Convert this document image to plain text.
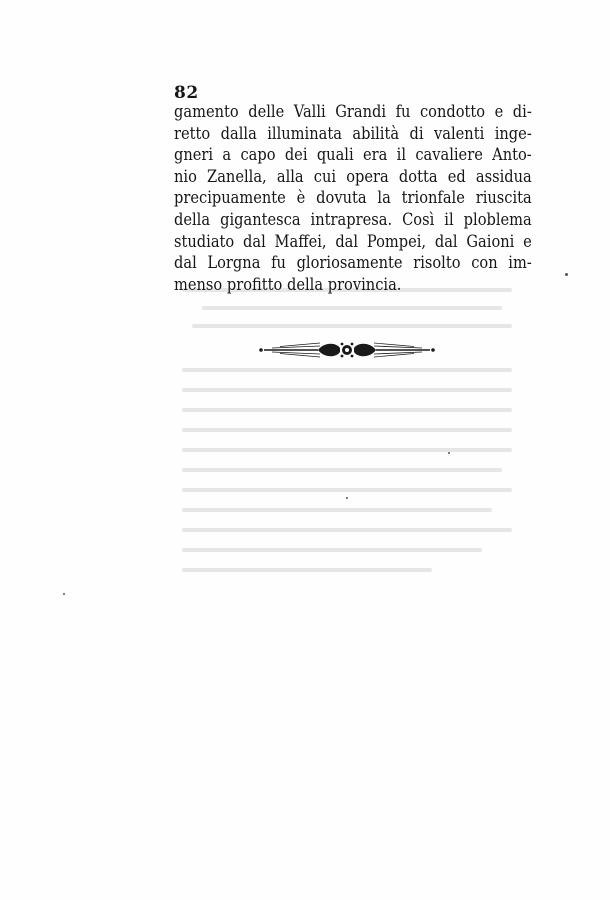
82
gamento delle Valli Grandi fu condotto e di-
retto dalla illuminata abilità di valenti inge-
gneri a capo dei quali era il cavaliere Anto-
nio Zanella, alla cui opera dotta ed assidua
precipuamente è dovuta la trionfale riuscita
della gigantesca intrapresa. Così il ploblema
studiato dal Maffei, dal Pompei, dal Gaioni e
dal Lorgna fu gloriosamente risolto con im-
menso profitto della provincia.
